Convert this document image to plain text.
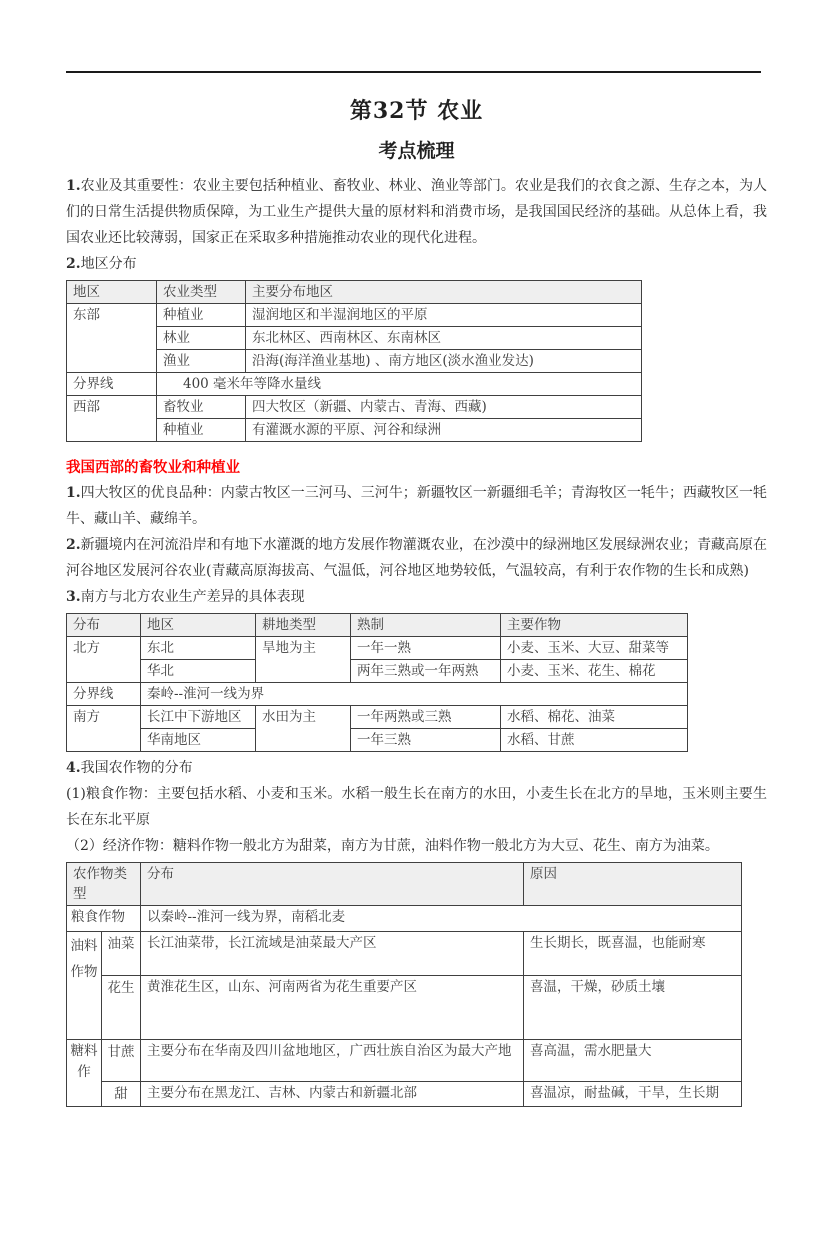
第32节 农业
考点梳理

1.农业及其重要性：农业主要包括种植业、畜牧业、林业、渔业等部门。农业是我们的衣食之源、生存之本，为人们的日常生活提供物质保障，为工业生产提供大量的原材料和消费市场，是我国国民经济的基础。从总体上看，我国农业还比较薄弱，国家正在采取多种措施推动农业的现代化进程。

2.地区分布

地区	农业类型	主要分布地区
东部	种植业	湿润地区和半湿润地区的平原
	林业	东北林区、西南林区、东南林区
	渔业	沿海(海洋渔业基地) 、南方地区(淡水渔业发达)
分界线	400 毫米年等降水量线	
西部	畜牧业	四大牧区（新疆、内蒙古、青海、西藏)
	种植业	有灌溉水源的平原、河谷和绿洲
我国西部的畜牧业和种植业

1.四大牧区的优良品种：内蒙古牧区一三河马、三河牛；新疆牧区一新疆细毛羊；青海牧区一牦牛；西藏牧区一牦牛、藏山羊、藏绵羊。

2.新疆境内在河流沿岸和有地下水灌溉的地方发展作物灌溉农业，在沙漠中的绿洲地区发展绿洲农业；青藏高原在河谷地区发展河谷农业(青藏高原海拔高、气温低，河谷地区地势较低，气温较高，有利于农作物的生长和成熟)

3.南方与北方农业生产差异的具体表现

分布	地区	耕地类型	熟制	主要作物
北方	东北	旱地为主	一年一熟	小麦、玉米、大豆、甜菜等
	华北		两年三熟或一年两熟	小麦、玉米、花生、棉花
分界线	秦岭--淮河一线为界			
南方	长江中下游地区	水田为主	一年两熟或三熟	水稻、棉花、油菜
	华南地区		一年三熟	水稻、甘蔗

4.我国农作物的分布

(1)粮食作物：主要包括水稻、小麦和玉米。水稻一般生长在南方的水田，小麦生长在北方的旱地，玉米则主要生长在东北平原

（2）经济作物：糖料作物一般北方为甜菜，南方为甘蔗，油料作物一般北方为大豆、花生、南方为油菜。

农作物类型		分布	原因
粮食作物		以秦岭--淮河一线为界，南稻北麦	
油料作物	油菜	长江油菜带，长江流域是油菜最大产区	生长期长，既喜温，也能耐寒
	花生	黄淮花生区，山东、河南两省为花生重要产区	喜温，干燥，砂质土壤
糖料作	甘蔗	主要分布在华南及四川盆地地区，广西壮族自治区为最大产地	喜高温，需水肥量大
	甜	主要分布在黑龙江、吉林、内蒙古和新疆北部	喜温凉，耐盐碱，干旱，生长期
